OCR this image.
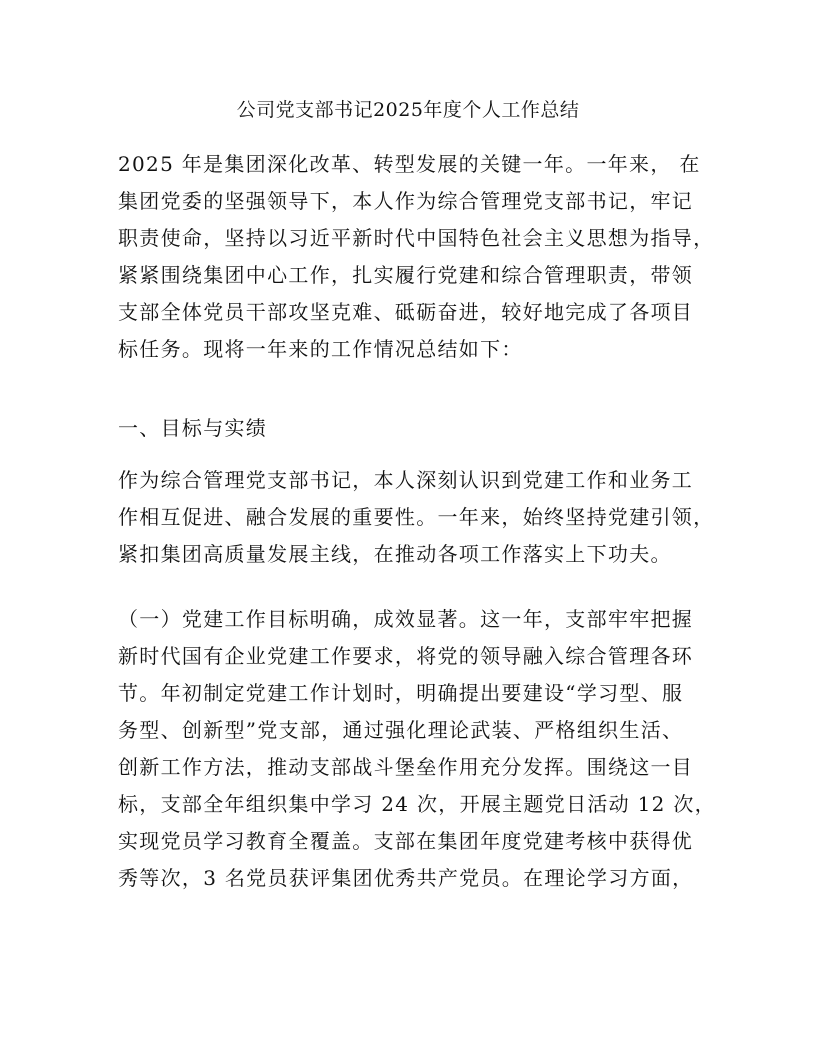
公司党支部书记2025年度个人工作总结
2025 年是集团深化改革、转型发展的关键一年。一年来， 在
集团党委的坚强领导下，本人作为综合管理党支部书记，牢记
职责使命，坚持以习近平新时代中国特色社会主义思想为指导，
紧紧围绕集团中心工作，扎实履行党建和综合管理职责，带领
支部全体党员干部攻坚克难、砥砺奋进，较好地完成了各项目
标任务。现将一年来的工作情况总结如下：
一、目标与实绩
作为综合管理党支部书记，本人深刻认识到党建工作和业务工
作相互促进、融合发展的重要性。一年来，始终坚持党建引领，
紧扣集团高质量发展主线，在推动各项工作落实上下功夫。
（一）党建工作目标明确，成效显著。这一年，支部牢牢把握
新时代国有企业党建工作要求，将党的领导融入综合管理各环
节。年初制定党建工作计划时，明确提出要建设“学习型、服
务型、创新型”党支部，通过强化理论武装、严格组织生活、
创新工作方法，推动支部战斗堡垒作用充分发挥。围绕这一目
标，支部全年组织集中学习 24 次，开展主题党日活动 12 次，
实现党员学习教育全覆盖。支部在集团年度党建考核中获得优
秀等次，3 名党员获评集团优秀共产党员。在理论学习方面，
